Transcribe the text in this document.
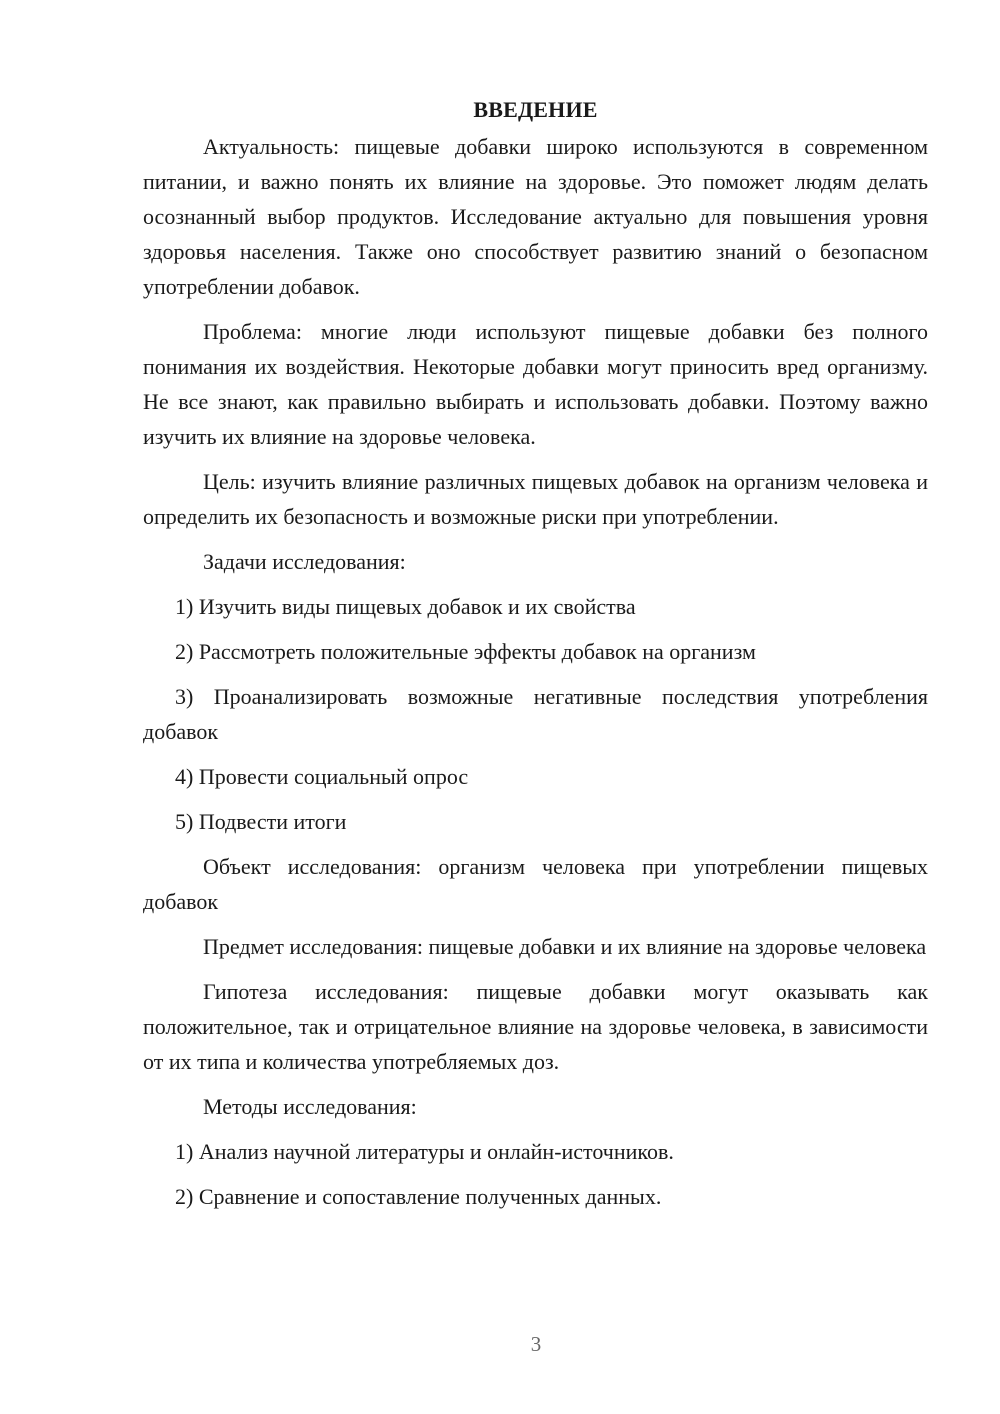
ВВЕДЕНИЕ

Актуальность: пищевые добавки широко используются в современном питании, и важно понять их влияние на здоровье. Это поможет людям делать осознанный выбор продуктов. Исследование актуально для повышения уровня здоровья населения. Также оно способствует развитию знаний о безопасном употреблении добавок.

Проблема: многие люди используют пищевые добавки без полного понимания их воздействия. Некоторые добавки могут приносить вред организму. Не все знают, как правильно выбирать и использовать добавки. Поэтому важно изучить их влияние на здоровье человека.

Цель: изучить влияние различных пищевых добавок на организм человека и определить их безопасность и возможные риски при употреблении.

Задачи исследования:

1) Изучить виды пищевых добавок и их свойства

2) Рассмотреть положительные эффекты добавок на организм

3) Проанализировать возможные негативные последствия употребления добавок

4) Провести социальный опрос

5) Подвести итоги

Объект исследования: организм человека при употреблении пищевых добавок

Предмет исследования: пищевые добавки и их влияние на здоровье человека

Гипотеза исследования: пищевые добавки могут оказывать как положительное, так и отрицательное влияние на здоровье человека, в зависимости от их типа и количества употребляемых доз.

Методы исследования:

1) Анализ научной литературы и онлайн-источников.

2) Сравнение и сопоставление полученных данных.

3
